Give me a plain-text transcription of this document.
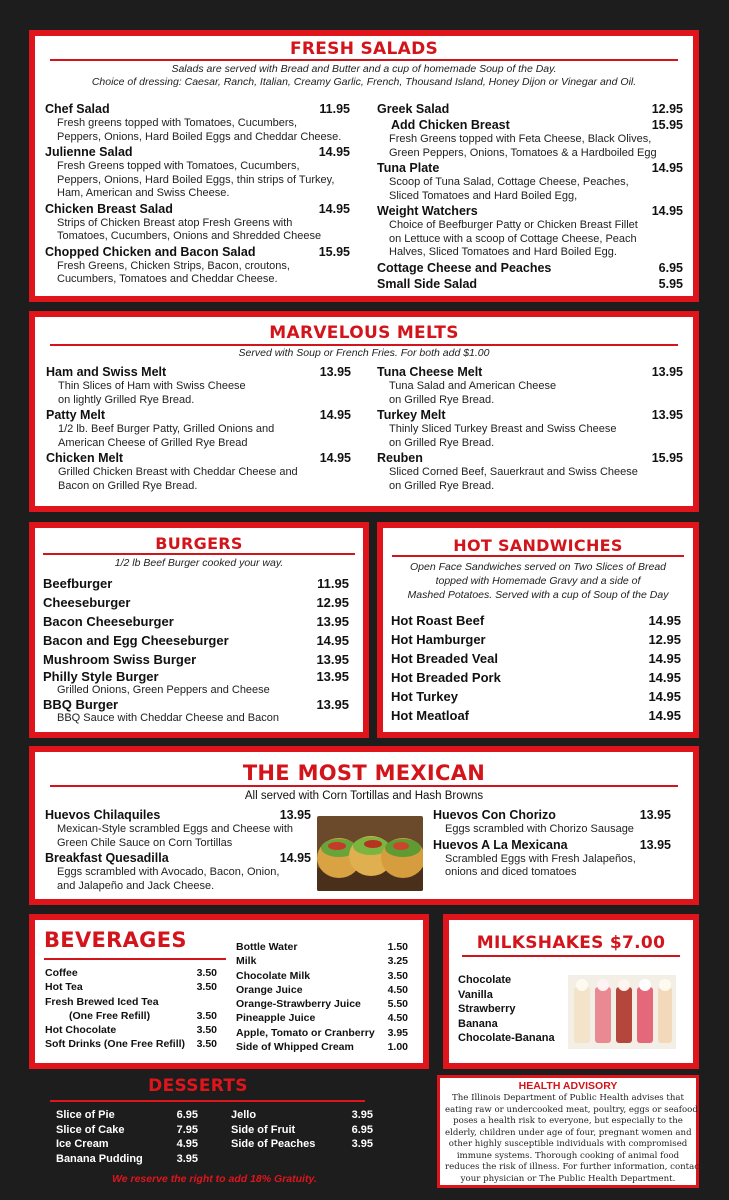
FRESH SALADS
Salads are served with Bread and Butter and a cup of homemade Soup of the Day.
Choice of dressing: Caesar, Ranch, Italian, Creamy Garlic, French, Thousand Island, Honey Dijon or Vinegar and Oil.
Chef Salad	11.95
Fresh greens topped with Tomatoes, Cucumbers,
Peppers, Onions, Hard Boiled Eggs and Cheddar Cheese.
Julienne Salad	14.95
Fresh Greens topped with Tomatoes, Cucumbers,
Peppers, Onions, Hard Boiled Eggs, thin strips of Turkey,
Ham, American and Swiss Cheese.
Chicken Breast Salad	14.95
Strips of Chicken Breast atop Fresh Greens with
Tomatoes, Cucumbers, Onions and Shredded Cheese
Chopped Chicken and Bacon Salad	15.95
Fresh Greens, Chicken Strips, Bacon, croutons,
Cucumbers, Tomatoes and Cheddar Cheese.
Greek Salad	12.95
Add Chicken Breast	15.95
Fresh Greens topped with Feta Cheese, Black Olives,
Green Peppers, Onions, Tomatoes & a Hardboiled Egg
Tuna Plate	14.95
Scoop of Tuna Salad, Cottage Cheese, Peaches,
Sliced Tomatoes and Hard Boiled Egg,
Weight Watchers	14.95
Choice of Beefburger Patty or Chicken Breast Fillet
on Lettuce with a scoop of Cottage Cheese, Peach
Halves, Sliced Tomatoes and Hard Boiled Egg.
Cottage Cheese and Peaches	6.95
Small Side Salad	5.95
MARVELOUS MELTS
Served with Soup or French Fries. For both add $1.00
Ham and Swiss Melt	13.95
Thin Slices of Ham with Swiss Cheese
on lightly Grilled Rye Bread.
Patty Melt	14.95
1/2 lb. Beef Burger Patty, Grilled Onions and
American Cheese of Grilled Rye Bread
Chicken Melt	14.95
Grilled Chicken Breast with Cheddar Cheese and
Bacon on Grilled Rye Bread.
Tuna Cheese Melt	13.95
Tuna Salad and American Cheese
on Grilled Rye Bread.
Turkey Melt	13.95
Thinly Sliced Turkey Breast and Swiss Cheese
on Grilled Rye Bread.
Reuben	15.95
Sliced Corned Beef, Sauerkraut and Swiss Cheese
on Grilled Rye Bread.
BURGERS
1/2 lb Beef Burger cooked your way.
Beefburger	11.95
Cheeseburger	12.95
Bacon Cheeseburger	13.95
Bacon and Egg Cheeseburger	14.95
Mushroom Swiss Burger	13.95
Philly Style Burger	13.95
Grilled Onions, Green Peppers and Cheese
BBQ Burger	13.95
BBQ Sauce with Cheddar Cheese and Bacon
HOT SANDWICHES
Open Face Sandwiches served on Two Slices of Bread
topped with Homemade Gravy and a side of
Mashed Potatoes. Served with a cup of Soup of the Day
Hot Roast Beef	14.95
Hot Hamburger	12.95
Hot Breaded Veal	14.95
Hot Breaded Pork	14.95
Hot Turkey	14.95
Hot Meatloaf	14.95
THE MOST MEXICAN
All served with Corn Tortillas and Hash Browns
Huevos Chilaquiles	13.95
Mexican-Style scrambled Eggs and Cheese with
Green Chile Sauce on Corn Tortillas
Breakfast Quesadilla	14.95
Eggs scrambled with Avocado, Bacon, Onion,
and Jalapeño and Jack Cheese.
Huevos Con Chorizo	13.95
Eggs scrambled with Chorizo Sausage
Huevos A La Mexicana	13.95
Scrambled Eggs with Fresh Jalapeños,
onions and diced tomatoes
BEVERAGES
Coffee	3.50
Hot Tea	3.50
Fresh Brewed Iced Tea
(One Free Refill)	3.50
Hot Chocolate	3.50
Soft Drinks (One Free Refill) 3.50
Bottle Water	1.50
Milk	3.25
Chocolate Milk	3.50
Orange Juice	4.50
Orange-Strawberry Juice	5.50
Pineapple Juice	4.50
Apple, Tomato or Cranberry 3.95
Side of Whipped Cream	1.00
MILKSHAKES $7.00
Chocolate
Vanilla
Strawberry
Banana
Chocolate-Banana
DESSERTS
Slice of Pie	6.95
Slice of Cake	7.95
Ice Cream	4.95
Banana Pudding	3.95
Jello	3.95
Side of Fruit	6.95
Side of Peaches	3.95
We reserve the right to add 18% Gratuity.
HEALTH ADVISORY
The Illinois Department of Public Health advises that
eating raw or undercooked meat, poultry, eggs or seafood
poses a health risk to everyone, but especially to the
elderly, children under age of four, pregnant women and
other highly susceptible individuals with compromised
immune systems. Thorough cooking of animal food
reduces the risk of illness. For further information, contact
your physician or The Public Health Department.
